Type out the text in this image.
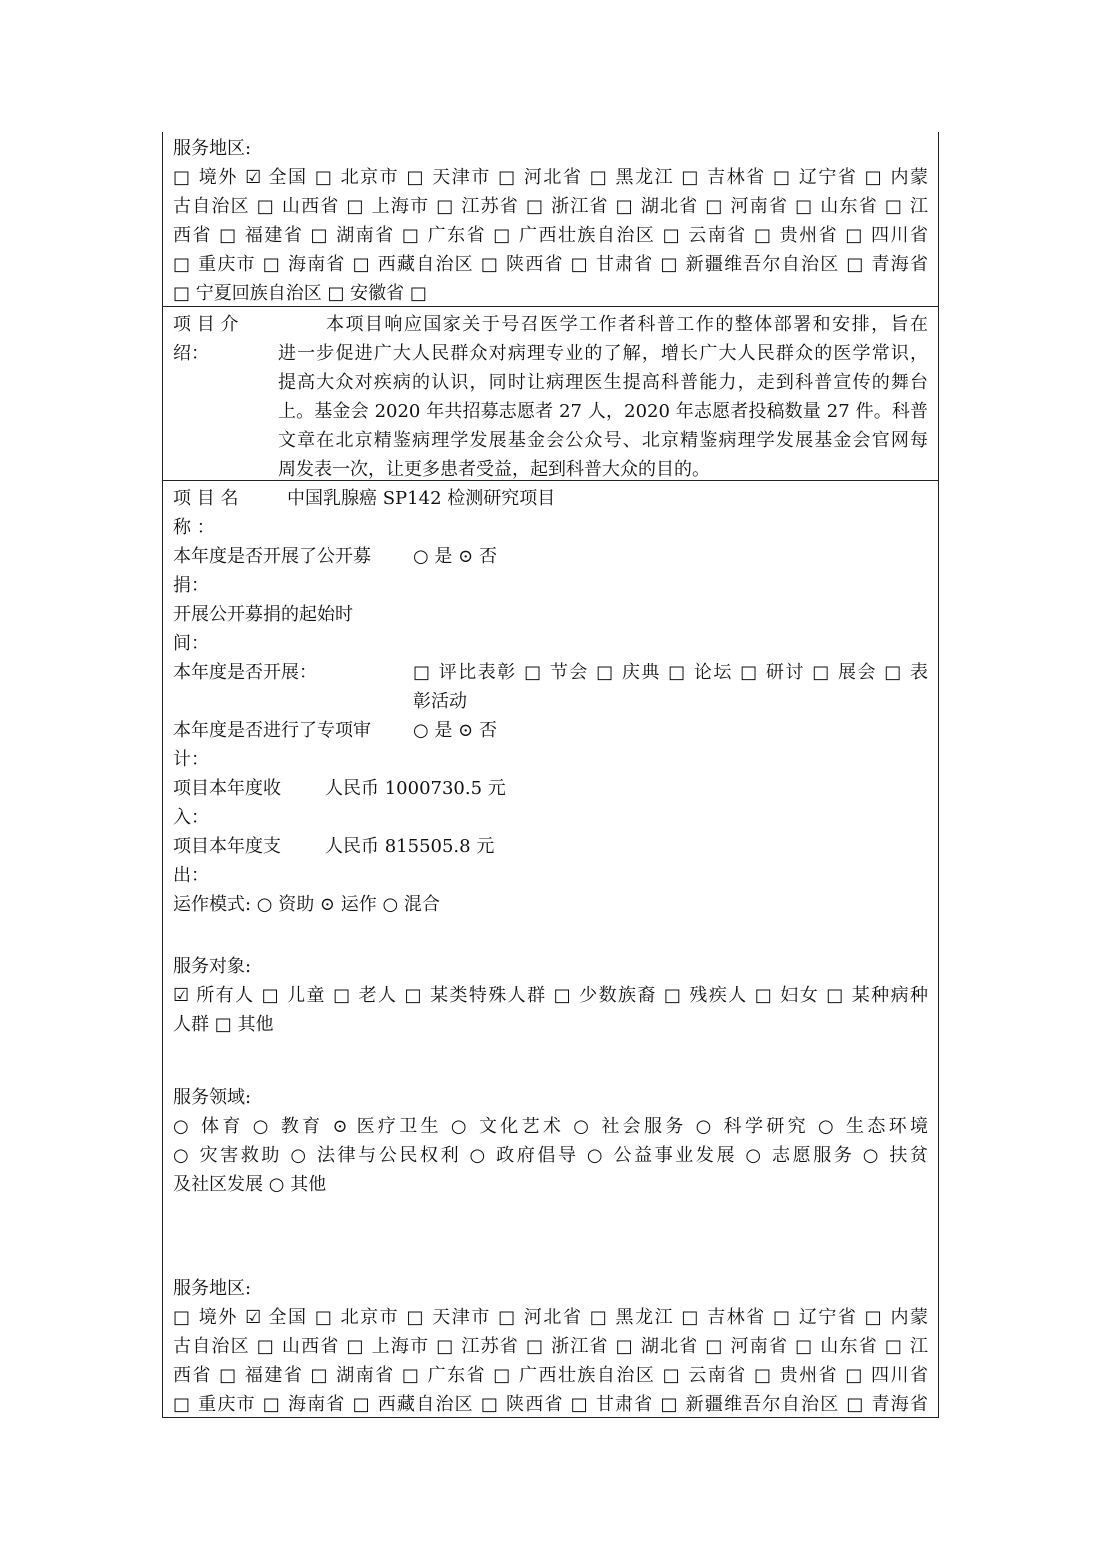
服务地区:
□ 境外 ☑ 全国 □ 北京市 □ 天津市 □ 河北省 □ 黑龙江 □ 吉林省 □ 辽宁省 □ 内蒙
古自治区 □ 山西省 □ 上海市 □ 江苏省 □ 浙江省 □ 湖北省 □ 河南省 □ 山东省 □ 江
西省 □ 福建省 □ 湖南省 □ 广东省 □ 广西壮族自治区 □ 云南省 □ 贵州省 □ 四川省
□ 重庆市 □ 海南省 □ 西藏自治区 □ 陕西省 □ 甘肃省 □ 新疆维吾尔自治区 □ 青海省
□ 宁夏回族自治区 □ 安徽省 □
项 目 介
绍：
本项目响应国家关于号召医学工作者科普工作的整体部署和安排，旨在
进一步促进广大人民群众对病理专业的了解，增长广大人民群众的医学常识，
提高大众对疾病的认识，同时让病理医生提高科普能力，走到科普宣传的舞台
上。基金会 2020 年共招募志愿者 27 人，2020 年志愿者投稿数量 27 件。科普
文章在北京精鉴病理学发展基金会公众号、北京精鉴病理学发展基金会官网每
周发表一次，让更多患者受益，起到科普大众的目的。
项 目 名
称 ：
中国乳腺癌 SP142 检测研究项目
本年度是否开展了公开募
捐：
○ 是 ⊙ 否
开展公开募捐的起始时
间：
本年度是否开展：	□ 评比表彰 □ 节会 □ 庆典 □ 论坛 □ 研讨 □ 展会 □ 表
彰活动
本年度是否进行了专项审
计：
○ 是 ⊙ 否
项目本年度收
入：
人民币 1000730.5 元
项目本年度支
出：
人民币 815505.8 元
运作模式: ○ 资助 ⊙ 运作 ○ 混合
服务对象:
☑ 所有人 □ 儿童 □ 老人 □ 某类特殊人群 □ 少数族裔 □ 残疾人 □ 妇女 □ 某种病种
人群 □ 其他
服务领域:
○ 体育 ○ 教育 ⊙ 医疗卫生 ○ 文化艺术 ○ 社会服务 ○ 科学研究 ○ 生态环境
○ 灾害救助 ○ 法律与公民权利 ○ 政府倡导 ○ 公益事业发展 ○ 志愿服务 ○ 扶贫
及社区发展 ○ 其他
服务地区:
□ 境外 ☑ 全国 □ 北京市 □ 天津市 □ 河北省 □ 黑龙江 □ 吉林省 □ 辽宁省 □ 内蒙
古自治区 □ 山西省 □ 上海市 □ 江苏省 □ 浙江省 □ 湖北省 □ 河南省 □ 山东省 □ 江
西省 □ 福建省 □ 湖南省 □ 广东省 □ 广西壮族自治区 □ 云南省 □ 贵州省 □ 四川省
□ 重庆市 □ 海南省 □ 西藏自治区 □ 陕西省 □ 甘肃省 □ 新疆维吾尔自治区 □ 青海省
